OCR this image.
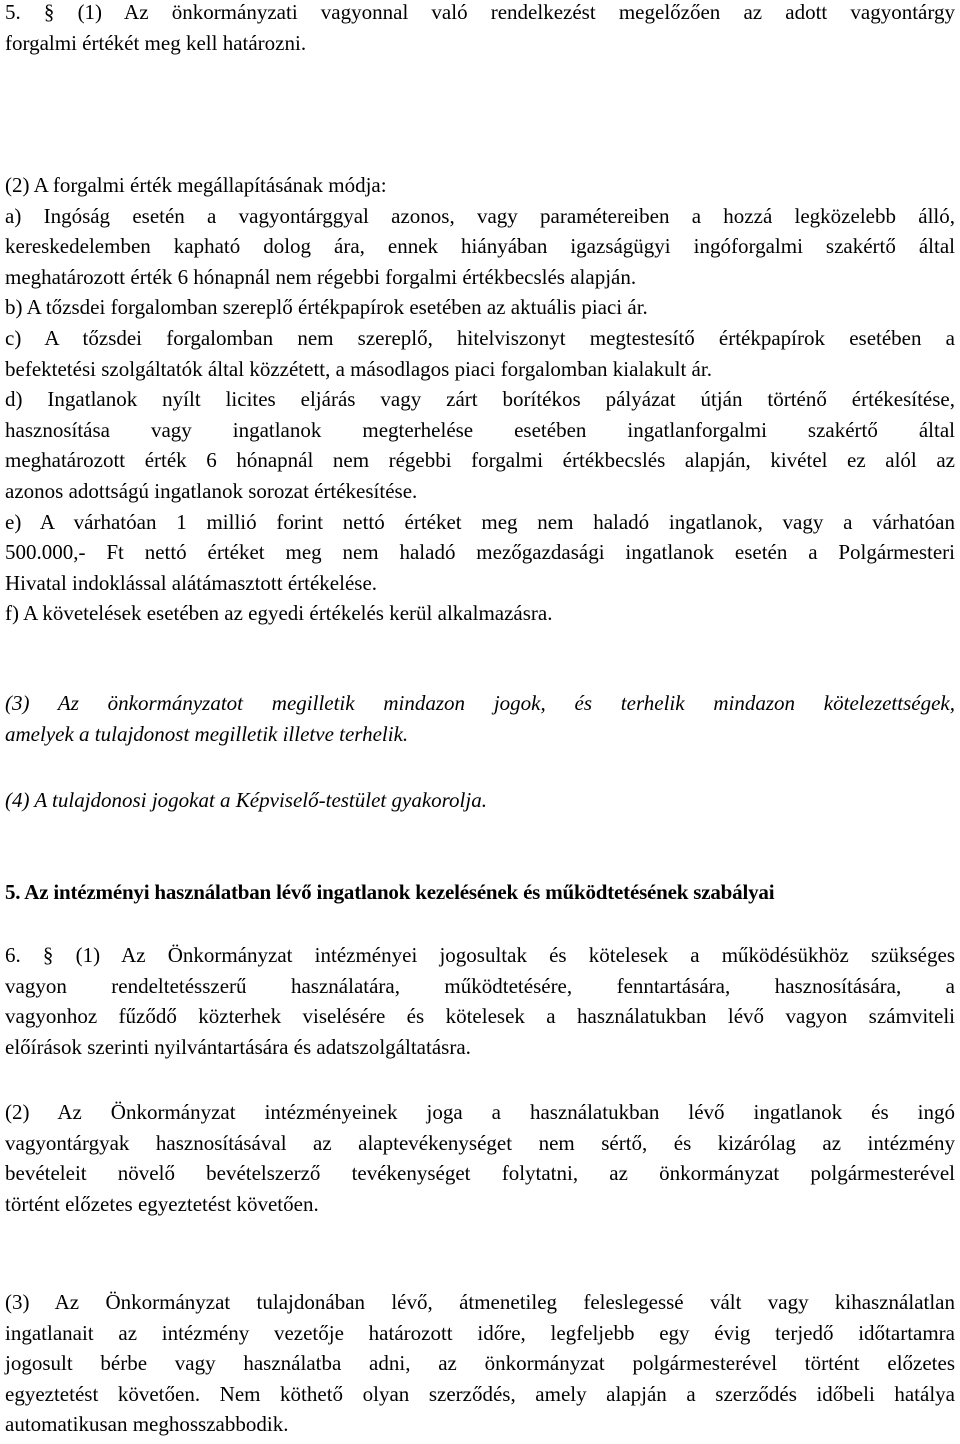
5. § (1) Az önkormányzati vagyonnal való rendelkezést megelőzően az adott vagyontárgy
forgalmi értékét meg kell határozni.
(2) A forgalmi érték megállapításának módja:
a) Ingóság esetén a vagyontárggyal azonos, vagy paramétereiben a hozzá legközelebb álló,
kereskedelemben kapható dolog ára, ennek hiányában igazságügyi ingóforgalmi szakértő által
meghatározott érték 6 hónapnál nem régebbi forgalmi értékbecslés alapján.
b) A tőzsdei forgalomban szereplő értékpapírok esetében az aktuális piaci ár.
c) A tőzsdei forgalomban nem szereplő, hitelviszonyt megtestesítő értékpapírok esetében a
befektetési szolgáltatók által közzétett, a másodlagos piaci forgalomban kialakult ár.
d) Ingatlanok nyílt licites eljárás vagy zárt borítékos pályázat útján történő értékesítése,
hasznosítása vagy ingatlanok megterhelése esetében ingatlanforgalmi szakértő által
meghatározott érték 6 hónapnál nem régebbi forgalmi értékbecslés alapján, kivétel ez alól az
azonos adottságú ingatlanok sorozat értékesítése.
e) A várhatóan 1 millió forint nettó értéket meg nem haladó ingatlanok, vagy a várhatóan
500.000,- Ft nettó értéket meg nem haladó mezőgazdasági ingatlanok esetén a Polgármesteri
Hivatal indoklással alátámasztott értékelése.
f) A követelések esetében az egyedi értékelés kerül alkalmazásra.
(3) Az önkormányzatot megilletik mindazon jogok, és terhelik mindazon kötelezettségek,
amelyek a tulajdonost megilletik illetve terhelik.
(4) A tulajdonosi jogokat a Képviselő-testület gyakorolja.
5. Az intézményi használatban lévő ingatlanok kezelésének és működtetésének szabályai
6. § (1) Az Önkormányzat intézményei jogosultak és kötelesek a működésükhöz szükséges
vagyon rendeltetésszerű használatára, működtetésére, fenntartására, hasznosítására, a
vagyonhoz fűződő közterhek viselésére és kötelesek a használatukban lévő vagyon számviteli
előírások szerinti nyilvántartására és adatszolgáltatásra.
(2) Az Önkormányzat intézményeinek joga a használatukban lévő ingatlanok és ingó
vagyontárgyak hasznosításával az alaptevékenységet nem sértő, és kizárólag az intézmény
bevételeit növelő bevételszerző tevékenységet folytatni, az önkormányzat polgármesterével
történt előzetes egyeztetést követően.
(3) Az Önkormányzat tulajdonában lévő, átmenetileg feleslegessé vált vagy kihasználatlan
ingatlanait az intézmény vezetője határozott időre, legfeljebb egy évig terjedő időtartamra
jogosult bérbe vagy használatba adni, az önkormányzat polgármesterével történt előzetes
egyeztetést követően. Nem köthető olyan szerződés, amely alapján a szerződés időbeli hatálya
automatikusan meghosszabbodik.
